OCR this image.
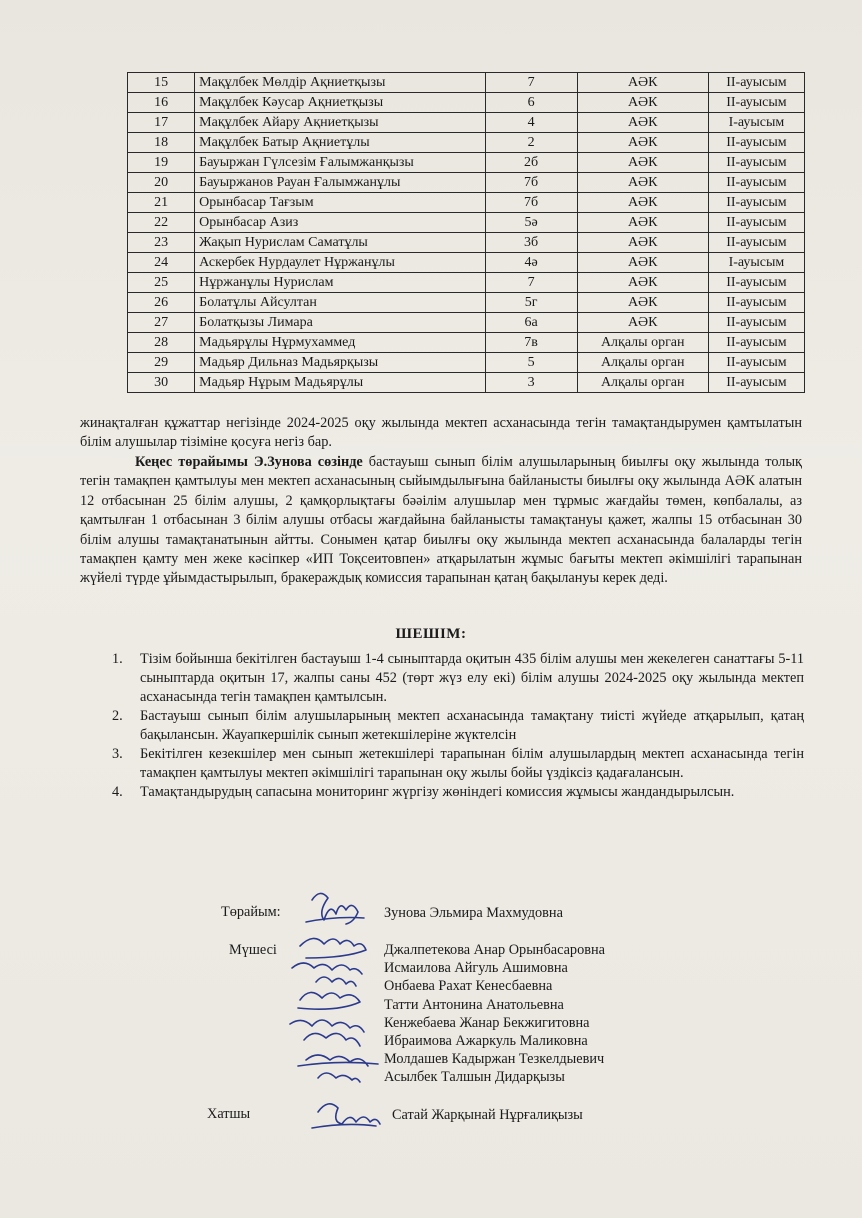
15	Мақұлбек Мөлдір Ақниетқызы	7	АӘК	II-ауысым
16	Мақұлбек Кәусар Ақниетқызы	6	АӘК	II-ауысым
17	Мақұлбек Айару Ақниетқызы	4	АӘК	I-ауысым
18	Мақұлбек Батыр Ақниетұлы	2	АӘК	II-ауысым
19	Бауыржан Гүлсезім Ғалымжанқызы	2б	АӘК	II-ауысым
20	Бауыржанов Рауан Ғалымжанұлы	7б	АӘК	II-ауысым
21	Орынбасар Тағзым	7б	АӘК	II-ауысым
22	Орынбасар Азиз	5ә	АӘК	II-ауысым
23	Жақып Нурислам Саматұлы	3б	АӘК	II-ауысым
24	Аскербек Нурдаулет Нұржанұлы	4ә	АӘК	I-ауысым
25	Нұржанұлы Нурислам	7	АӘК	II-ауысым
26	Болатұлы Айсултан	5г	АӘК	II-ауысым
27	Болатқызы Лимара	6а	АӘК	II-ауысым
28	Мадьярұлы Нұрмухаммед	7в	Алқалы орган	II-ауысым
29	Мадьяр Дильназ Мадьярқызы	5	Алқалы орган	II-ауысым
30	Мадьяр Нұрым Мадьярұлы	3	Алқалы орган	II-ауысым
жинақталған құжаттар негізінде 2024-2025 оқу жылында мектеп асханасында тегін тамақтандырумен қамтылатын білім алушылар тізіміне қосуға негіз бар.
Кеңес төрайымы Э.Зунова сөзінде бастауыш сынып білім алушыларының биылғы оқу жылында толық тегін тамақпен қамтылуы мен мектеп асханасының сыйымдылығына байланысты биылғы оқу жылында АӘК алатын 12 отбасынан 25 білім алушы, 2 қамқорлықтағы бәәілім алушылар мен тұрмыс жағдайы төмен, көпбалалы, аз қамтылған 1 отбасынан 3 білім алушы отбасы жағдайына байланысты тамақтануы қажет, жалпы 15 отбасынан 30 білім алушы тамақтанатынын айтты. Сонымен қатар биылғы оқу жылында мектеп асханасында балаларды тегін тамақпен қамту мен жеке кәсіпкер «ИП Тоқсеитовпен» атқарылатын жұмыс бағыты мектеп әкімшілігі тарапынан жүйелі түрде ұйымдастырылып, бракераждық комиссия тарапынан қатаң бақылануы керек деді.
ШЕШІМ:
1. Тізім бойынша бекітілген бастауыш 1-4 сыныптарда оқитын 435 білім алушы мен жекелеген санаттағы 5-11 сыныптарда оқитын 17, жалпы саны 452 (төрт жүз елу екі) білім алушы 2024-2025 оқу жылында мектеп асханасында тегін тамақпен қамтылсын.
2. Бастауыш сынып білім алушыларының мектеп асханасында тамақтану тиісті жүйеде атқарылып, қатаң бақылансын. Жауапкершілік сынып жетекшілеріне жүктелсін
3. Бекітілген кезекшілер мен сынып жетекшілері тарапынан білім алушылардың мектеп асханасында тегін тамақпен қамтылуы мектеп әкімшілігі тарапынан оқу жылы бойы үздіксіз қадағалансын.
4. Тамақтандырудың сапасына мониторинг жүргізу жөніндегі комиссия жұмысы жандандырылсын.
Төрайым:	Зунова Эльмира Махмудовна
Мүшесі	Джалпетекова Анар Орынбасаровна
Исмаилова Айгуль Ашимовна
Онбаева Рахат Кенесбаевна
Татти Антонина Анатольевна
Кенжебаева Жанар Бекжигитовна
Ибраимова Ажаркуль Маликовна
Молдашев Кадыржан Тезкелдыевич
Асылбек Талшын Дидарқызы
Хатшы	Сатай Жарқынай Нұрғалиқызы
